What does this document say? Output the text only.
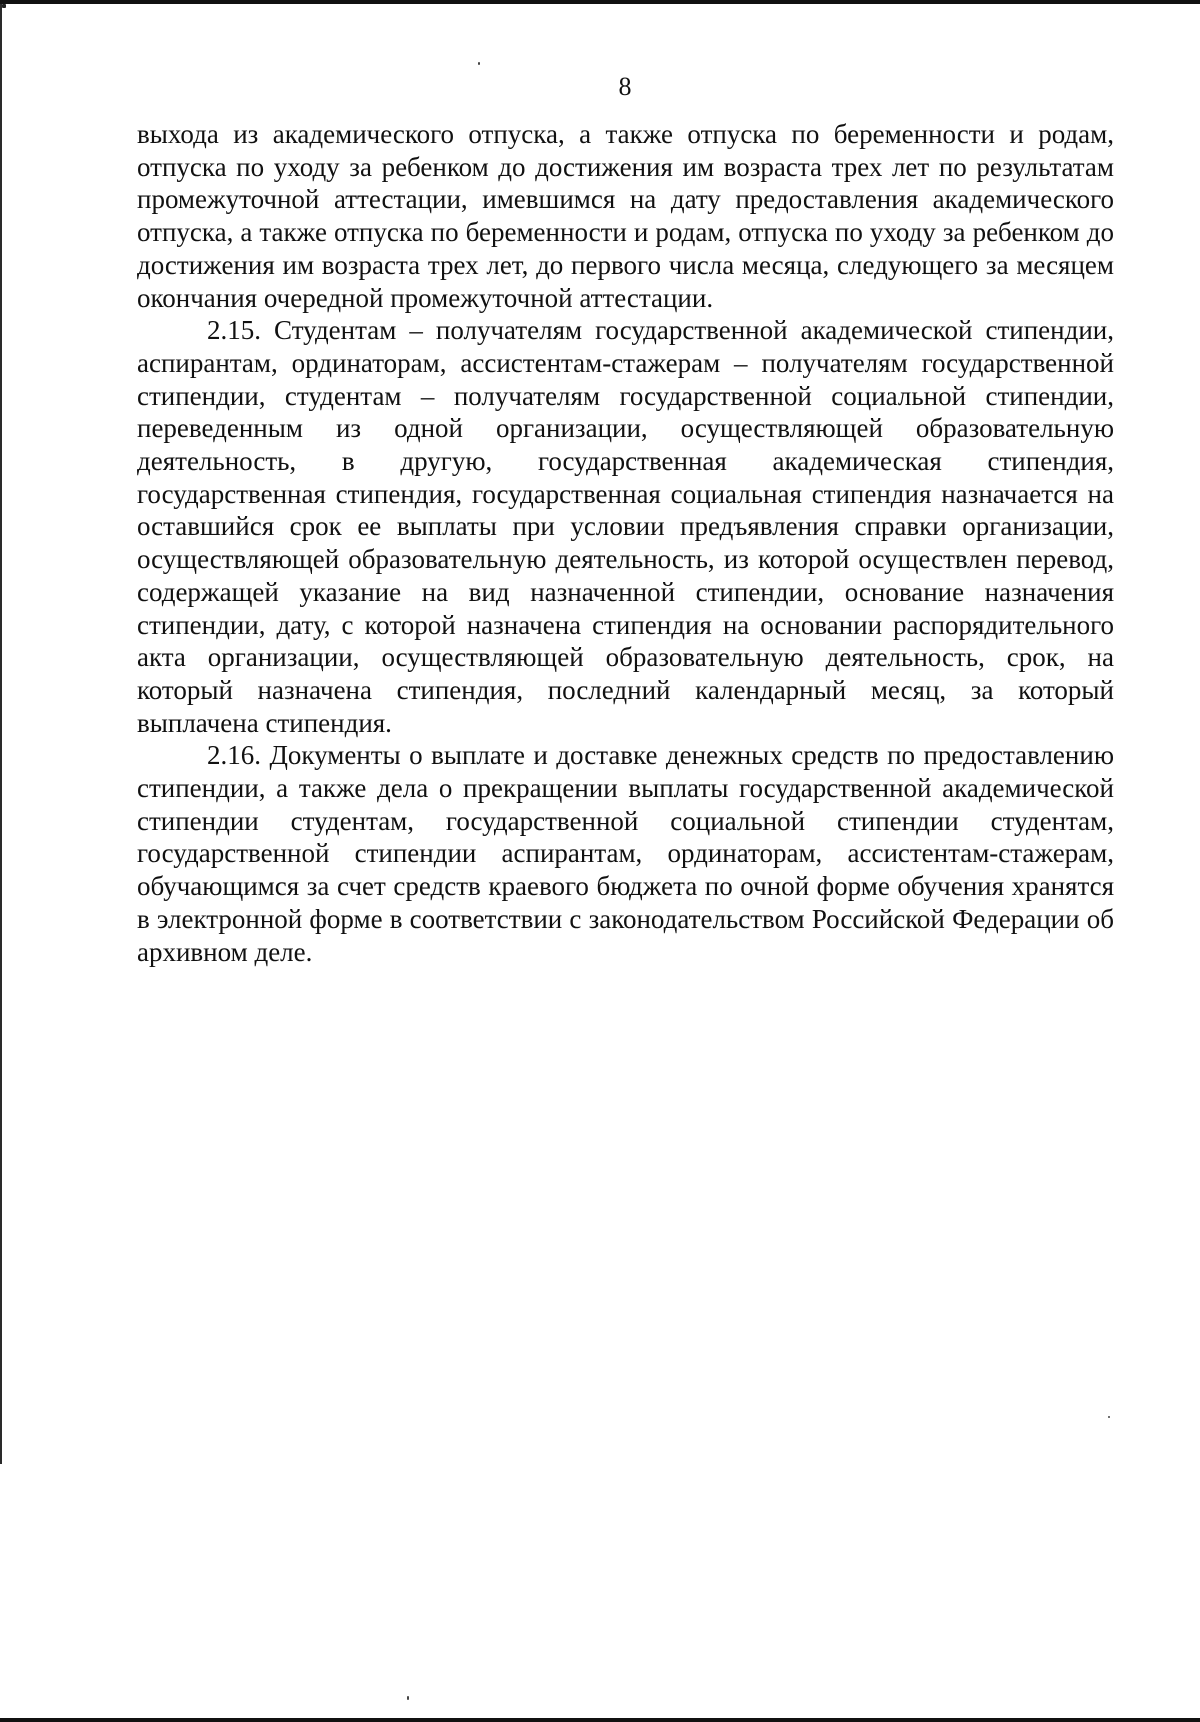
8

выхода из академического отпуска, а также отпуска по беременности и родам, отпуска по уходу за ребенком до достижения им возраста трех лет по результатам промежуточной аттестации, имевшимся на дату предоставления академического отпуска, а также отпуска по беременности и родам, отпуска по уходу за ребенком до достижения им возраста трех лет, до первого числа месяца, следующего за месяцем окончания очередной промежуточной аттестации.

2.15. Студентам – получателям государственной академической стипендии, аспирантам, ординаторам, ассистентам-стажерам – получателям государственной стипендии, студентам – получателям государственной социальной стипендии, переведенным из одной организации, осуществляющей образовательную деятельность, в другую, государственная академическая стипендия, государственная стипендия, государственная социальная стипендия назначается на оставшийся срок ее выплаты при условии предъявления справки организации, осуществляющей образовательную деятельность, из которой осуществлен перевод, содержащей указание на вид назначенной стипендии, основание назначения стипендии, дату, с которой назначена стипендия на основании распорядительного акта организации, осуществляющей образовательную деятельность, срок, на который назначена стипендия, последний календарный месяц, за который выплачена стипендия.

2.16. Документы о выплате и доставке денежных средств по предоставлению стипендии, а также дела о прекращении выплаты государственной академической стипендии студентам, государственной социальной стипендии студентам, государственной стипендии аспирантам, ординаторам, ассистентам-стажерам, обучающимся за счет средств краевого бюджета по очной форме обучения хранятся в электронной форме в соответствии с законодательством Российской Федерации об архивном деле.
